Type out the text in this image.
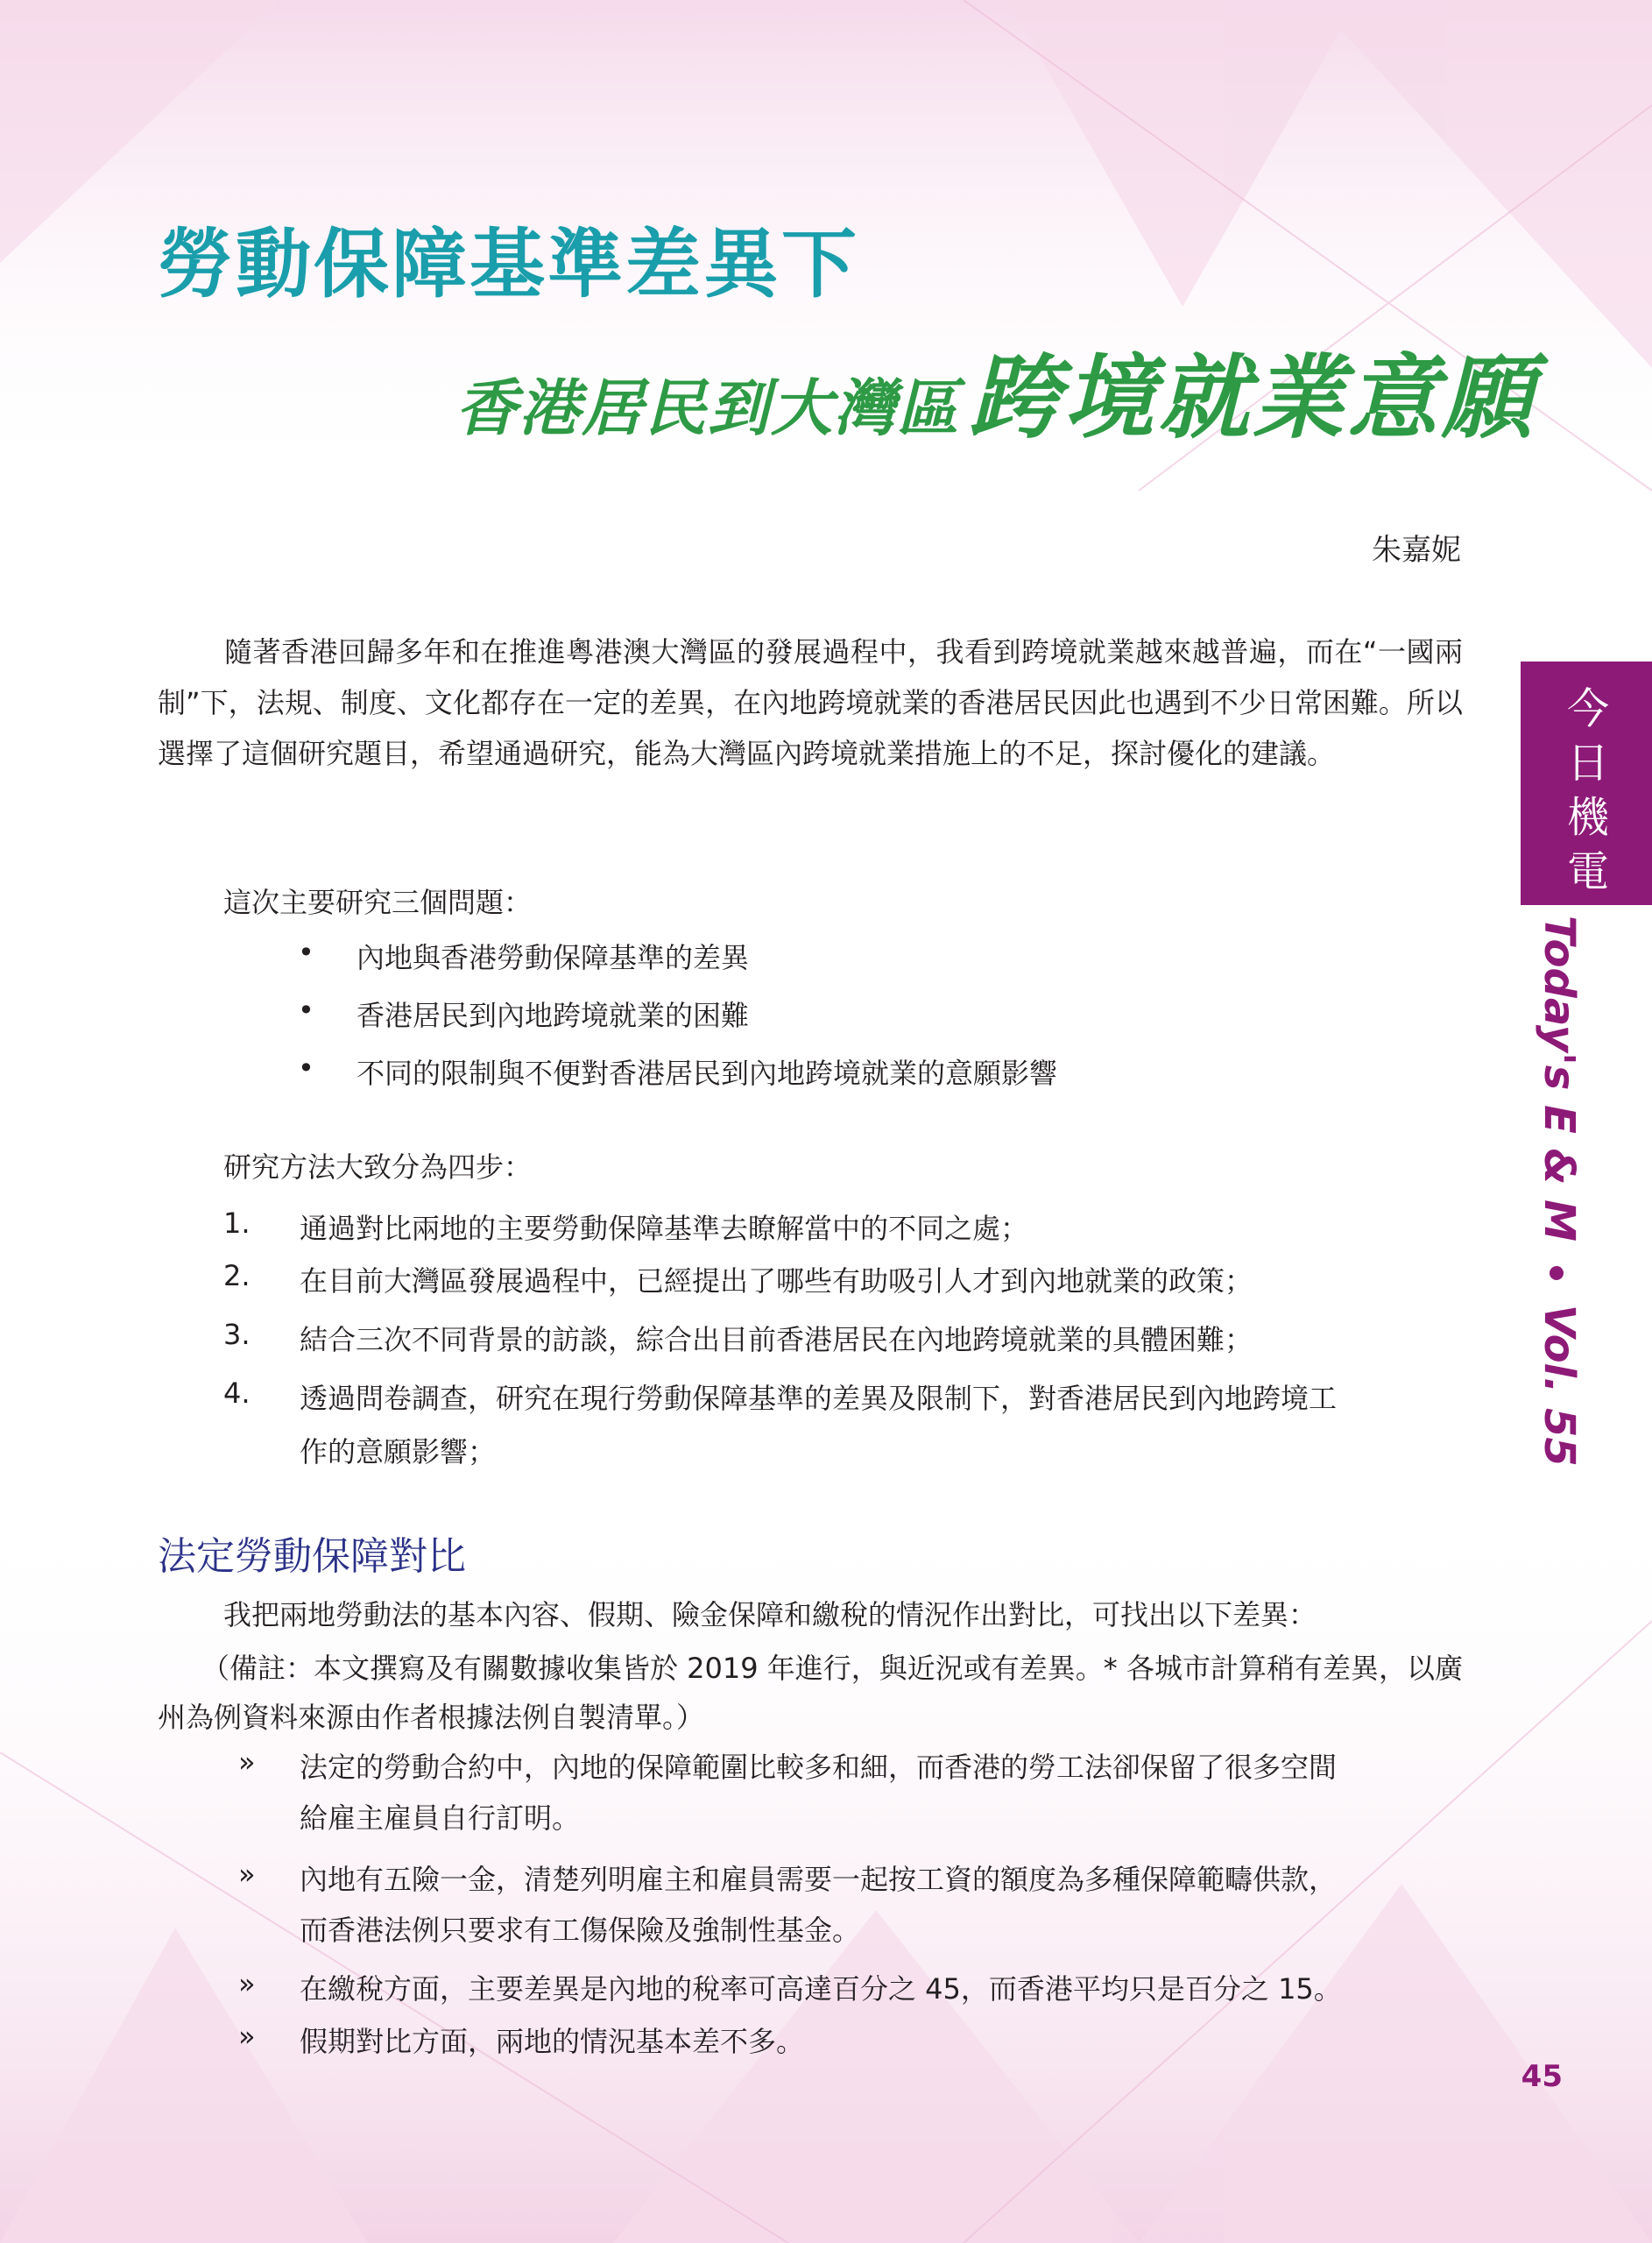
勞動保障基準差異下
香港居民到大灣區跨境就業意願
朱嘉妮
隨著香港回歸多年和在推進粵港澳大灣區的發展過程中，我看到跨境就業越來越普遍，而在“一國兩制”下，法規、制度、文化都存在一定的差異，在內地跨境就業的香港居民因此也遇到不少日常困難。所以選擇了這個研究題目，希望通過研究，能為大灣區內跨境就業措施上的不足，探討優化的建議。
這次主要研究三個問題：
• 內地與香港勞動保障基準的差異
• 香港居民到內地跨境就業的困難
• 不同的限制與不便對香港居民到內地跨境就業的意願影響
研究方法大致分為四步：
1. 通過對比兩地的主要勞動保障基準去瞭解當中的不同之處；
2. 在目前大灣區發展過程中，已經提出了哪些有助吸引人才到內地就業的政策；
3. 結合三次不同背景的訪談，綜合出目前香港居民在內地跨境就業的具體困難；
4. 透過問卷調查，研究在現行勞動保障基準的差異及限制下，對香港居民到內地跨境工
作的意願影響；
法定勞動保障對比
我把兩地勞動法的基本內容、假期、險金保障和繳稅的情況作出對比，可找出以下差異：
（備註：本文撰寫及有關數據收集皆於 2019 年進行，與近況或有差異。* 各城市計算稍有差異，以廣州為例資料來源由作者根據法例自製清單。）
» 法定的勞動合約中，內地的保障範圍比較多和細，而香港的勞工法卻保留了很多空間
給雇主雇員自行訂明。
» 內地有五險一金，清楚列明雇主和雇員需要一起按工資的額度為多種保障範疇供款，
而香港法例只要求有工傷保險及強制性基金。
» 在繳稅方面，主要差異是內地的稅率可高達百分之 45，而香港平均只是百分之 15。
» 假期對比方面，兩地的情況基本差不多。
今
日
機
電
Today's E & MVol. 55
45
